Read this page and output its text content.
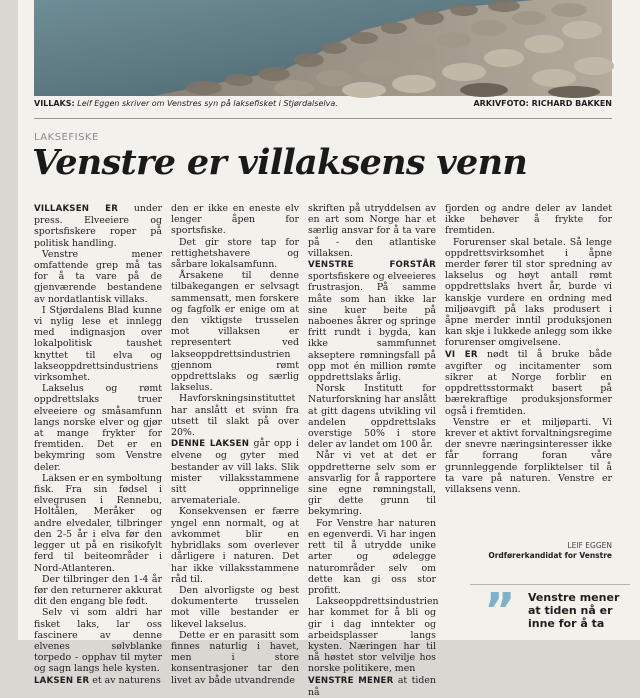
VILLAKS: Leif Eggen skriver om Venstres syn på laksefisket i Stjørdalselva.	ARKIVFOTO: RICHARD BAKKEN
LAKSEFISKE
Venstre er villaksens venn

VILLAKSEN ER under press. Elveeiere og sportsfiskere roper på politisk handling.

Venstre mener omfattende grep må tas for å ta vare på de gjenværende bestandene av nordatlantisk villaks.

I Stjørdalens Blad kunne vi nylig lese et innlegg med indignasjon over lokalpolitisk taushet knyttet til elva og lakseoppdrettsindustriens virksomhet.

Lakselus og rømt oppdrettslaks truer elveeiere og småsamfunn langs norske elver og gjør at mange frykter for fremtiden. Det er en bekymring som Venstre deler.

Laksen er en symboltung fisk. Fra sin fødsel i elvegrusen i Rennebu, Holtålen, Meråker og andre elvedaler, tilbringer den 2-5 år i elva før den legger ut på en risikofylt ferd til beiteområder i Nord-Atlanteren.

Der tilbringer den 1-4 år før den returnerer akkurat dit den engang ble født.

Selv vi som aldri har fisket laks, lar oss fascinere av denne elvenes sølvblanke torpedo - opphav til myter og sagn langs hele kysten.

LAKSEN ER et av naturens

den er ikke en eneste elv lenger åpen for sportsfiske.

Det gir store tap for rettighetshavere og sårbare lokalsamfunn.

Årsakene til denne tilbakegangen er selvsagt sammensatt, men forskere og fagfolk er enige om at den viktigste trusselen mot villaksen er representert ved lakseoppdrettsindustrien gjennom rømt oppdrettslaks og særlig lakselus.

Havforskningsinstituttet har anslått et svinn fra utsett til slakt på over 20%.

DENNE LAKSEN går opp i elvene og gyter med bestander av vill laks. Slik mister villaksstammene sitt opprinnelige arvemateriale.

Konsekvensen er færre yngel enn normalt, og at avkommet blir en hybridlaks som overlever dårligere i naturen. Det har ikke villaksstammene råd til.

Den alvorligste og best dokumenterte trusselen mot ville bestander er likevel lakselus.

Dette er en parasitt som finnes naturlig i havet, men i store konsentrasjoner tar den livet av både utvandrende

skriften på utryddelsen av en art som Norge har et særlig ansvar for å ta vare på - den atlantiske villaksen.

VENSTRE FORSTÅR sportsfiskere og elveeieres frustrasjon. På samme måte som han ikke lar sine kuer beite på naboenes åkrer og springe fritt rundt i bygda, kan ikke sammfunnet akseptere rømningsfall på opp mot én million rømte oppdrettslaks årlig.

Norsk Institutt for Naturforskning har anslått at gitt dagens utvikling vil andelen oppdrettslaks overstige 50% i store deler av landet om 100 år.

Når vi vet at det er oppdretterne selv som er ansvarlig for å rapportere sine egne rømningstall, gir dette grunn til bekymring.

For Venstre har naturen en egenverdi. Vi har ingen rett til å utrydde unike arter og ødelegge naturområder selv om dette kan gi oss stor profitt.

Lakseoppdrettsindustrien har kommet for å bli og gir i dag inntekter og arbeidsplasser langs kysten. Næringen har til nå høstet stor velvilje hos norske politikere, men

VENSTRE MENER at tiden nå

fjorden og andre deler av landet ikke behøver å frykte for fremtiden.

Forurenser skal betale. Så lenge oppdrettsvirksomhet i åpne merder fører til stor spredning av lakselus og høyt antall rømt oppdrettslaks hvert år, burde vi kanskje vurdere en ordning med miljøavgift på laks produsert i åpne merder inntil produksjonen kan skje i lukkede anlegg som ikke forurenser omgivelsene.

VI ER nødt til å bruke både avgifter og incitamenter som sikrer at Norge forblir en oppdrettsstormakt basert på bærekraftige produksjonsformer også i fremtiden.

Venstre er et miljøparti. Vi krever et aktivt forvaltningsregime der snevre næringsinteresser ikke får forrang foran våre grunnleggende forpliktelser til å ta vare på naturen. Venstre er villaksens venn.

LEIF EGGEN
Ordførerkandidat for Venstre
” Venstre mener at tiden nå er inne for å ta
